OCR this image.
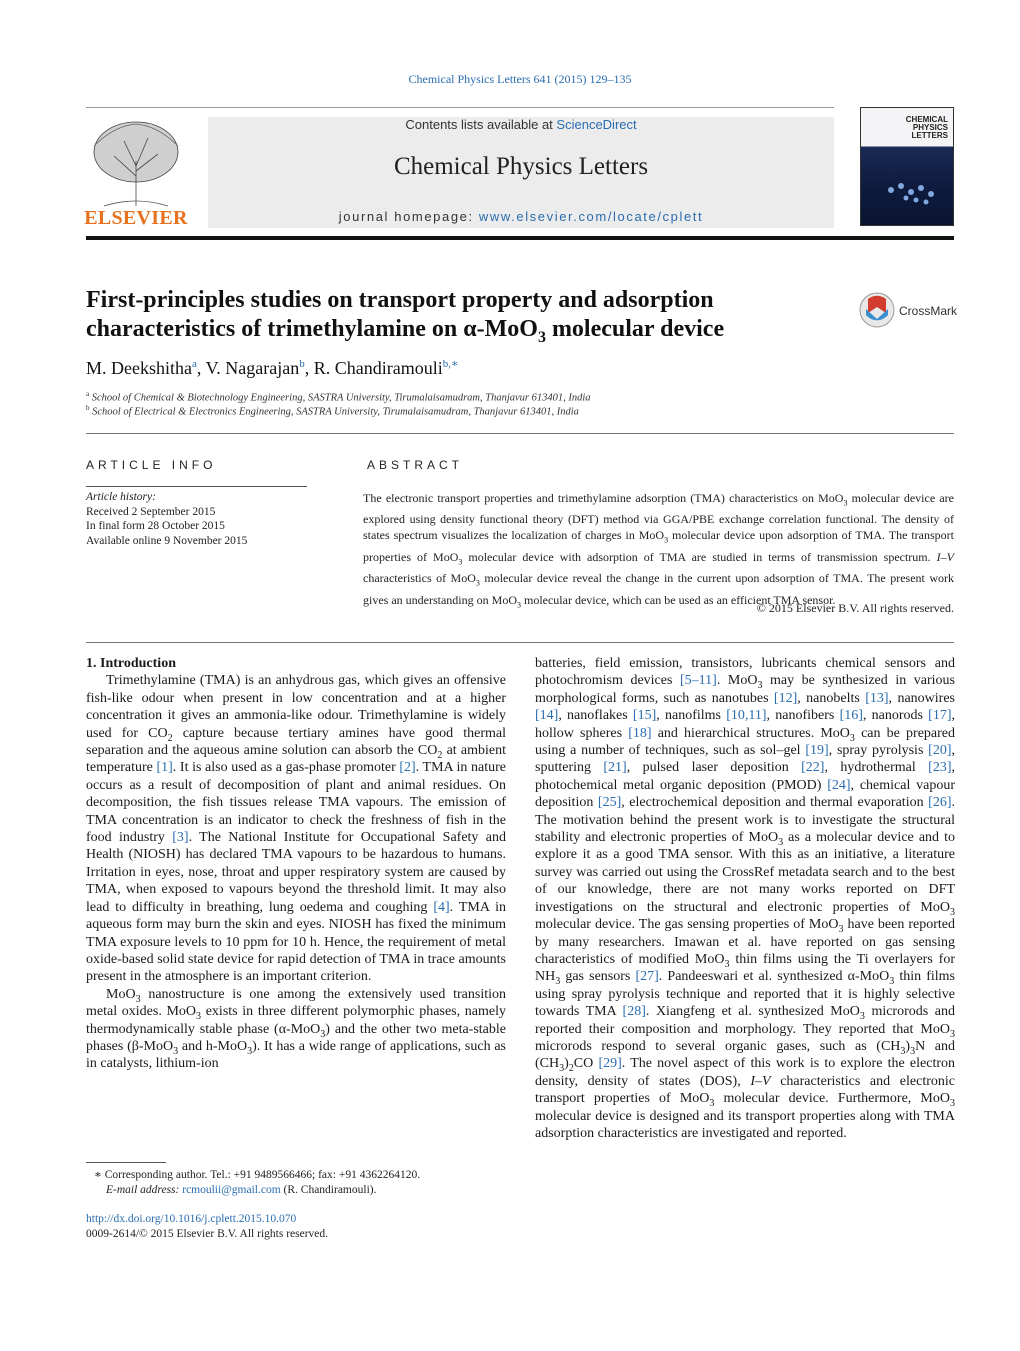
Chemical Physics Letters 641 (2015) 129–135
ELSEVIER
Contents lists available at ScienceDirect
Chemical Physics Letters
journal homepage: www.elsevier.com/locate/cplett
CHEMICAL PHYSICS LETTERS
First-principles studies on transport property and adsorption
characteristics of trimethylamine on α-MoO$_3$ molecular device
CrossMark
M. Deekshitha$^a$, V. Nagarajan$^b$, R. Chandiramouli$^{b,∗}$
$^a$ School of Chemical & Biotechnology Engineering, SASTRA University, Tirumalaisamudram, Thanjavur 613401, India
$^b$ School of Electrical & Electronics Engineering, SASTRA University, Tirumalaisamudram, Thanjavur 613401, India
ARTICLE INFO	ABSTRACT
Article history:
Received 2 September 2015
In final form 28 October 2015
Available online 9 November 2015
The electronic transport properties and trimethylamine adsorption (TMA) characteristics on MoO$_3$ molecular device are explored using density functional theory (DFT) method via GGA/PBE exchange correlation functional. The density of states spectrum visualizes the localization of charges in MoO$_3$ molecular device upon adsorption of TMA. The transport properties of MoO$_3$ molecular device with adsorption of TMA are studied in terms of transmission spectrum. I–V characteristics of MoO$_3$ molecular device reveal the change in the current upon adsorption of TMA. The present work gives an understanding on MoO$_3$ molecular device, which can be used as an efficient TMA sensor.
© 2015 Elsevier B.V. All rights reserved.

1. Introduction

Trimethylamine (TMA) is an anhydrous gas, which gives an offensive fish-like odour when present in low concentration and at a higher concentration it gives an ammonia-like odour. Trimethylamine is widely used for $CO_2$ capture because tertiary amines have good thermal separation and the aqueous amine solution can absorb the $CO_2$ at ambient temperature [1]. It is also used as a gas-phase promoter [2]. TMA in nature occurs as a result of decomposition of plant and animal residues. On decomposition, the fish tissues release TMA vapours. The emission of TMA concentration is an indicator to check the freshness of fish in the food industry [3]. The National Institute for Occupational Safety and Health (NIOSH) has declared TMA vapours to be hazardous to humans. Irritation in eyes, nose, throat and upper respiratory system are caused by TMA, when exposed to vapours beyond the threshold limit. It may also lead to difficulty in breathing, lung oedema and coughing [4]. TMA in aqueous form may burn the skin and eyes. NIOSH has fixed the minimum TMA exposure levels to 10 ppm for 10 h. Hence, the requirement of metal oxide-based solid state device for rapid detection of TMA in trace amounts present in the atmosphere is an important criterion.

MoO$_3$ nanostructure is one among the extensively used transition metal oxides. MoO$_3$ exists in three different polymorphic phases, namely thermodynamically stable phase (α-MoO$_3$) and the other two meta-stable phases (β-MoO$_3$ and h-MoO$_3$). It has a wide range of applications, such as in catalysts, lithium-ion

batteries, field emission, transistors, lubricants chemical sensors and photochromism devices [5–11]. MoO$_3$ may be synthesized in various morphological forms, such as nanotubes [12], nanobelts [13], nanowires [14], nanoflakes [15], nanofilms [10,11], nanofibers [16], nanorods [17], hollow spheres [18] and hierarchical structures. MoO$_3$ can be prepared using a number of techniques, such as sol–gel [19], spray pyrolysis [20], sputtering [21], pulsed laser deposition [22], hydrothermal [23], photochemical metal organic deposition (PMOD) [24], chemical vapour deposition [25], electrochemical deposition and thermal evaporation [26]. The motivation behind the present work is to investigate the structural stability and electronic properties of MoO$_3$ as a molecular device and to explore it as a good TMA sensor. With this as an initiative, a literature survey was carried out using the CrossRef metadata search and to the best of our knowledge, there are not many works reported on DFT investigations on the structural and electronic properties of MoO$_3$ molecular device. The gas sensing properties of MoO$_3$ have been reported by many researchers. Imawan et al. have reported on gas sensing characteristics of modified MoO$_3$ thin films using the Ti overlayers for $NH_3$ gas sensors [27]. Pandeeswari et al. synthesized α-MoO$_3$ thin films using spray pyrolysis technique and reported that it is highly selective towards TMA [28]. Xiangfeng et al. synthesized MoO$_3$ microrods and reported their composition and morphology. They reported that MoO$_3$ microrods respond to several organic gases, such as $(CH_3)_3N$ and $(CH_3)_2CO$ [29]. The novel aspect of this work is to explore the electron density, density of states (DOS), I–V characteristics and electronic transport properties of MoO$_3$ molecular device. Furthermore, MoO$_3$ molecular device is designed and its transport properties along with TMA adsorption characteristics are investigated and reported.

∗ Corresponding author. Tel.: +91 9489566466; fax: +91 4362264120.
E-mail address: rcmoulii@gmail.com (R. Chandiramouli).
http://dx.doi.org/10.1016/j.cplett.2015.10.070
0009-2614/© 2015 Elsevier B.V. All rights reserved.
